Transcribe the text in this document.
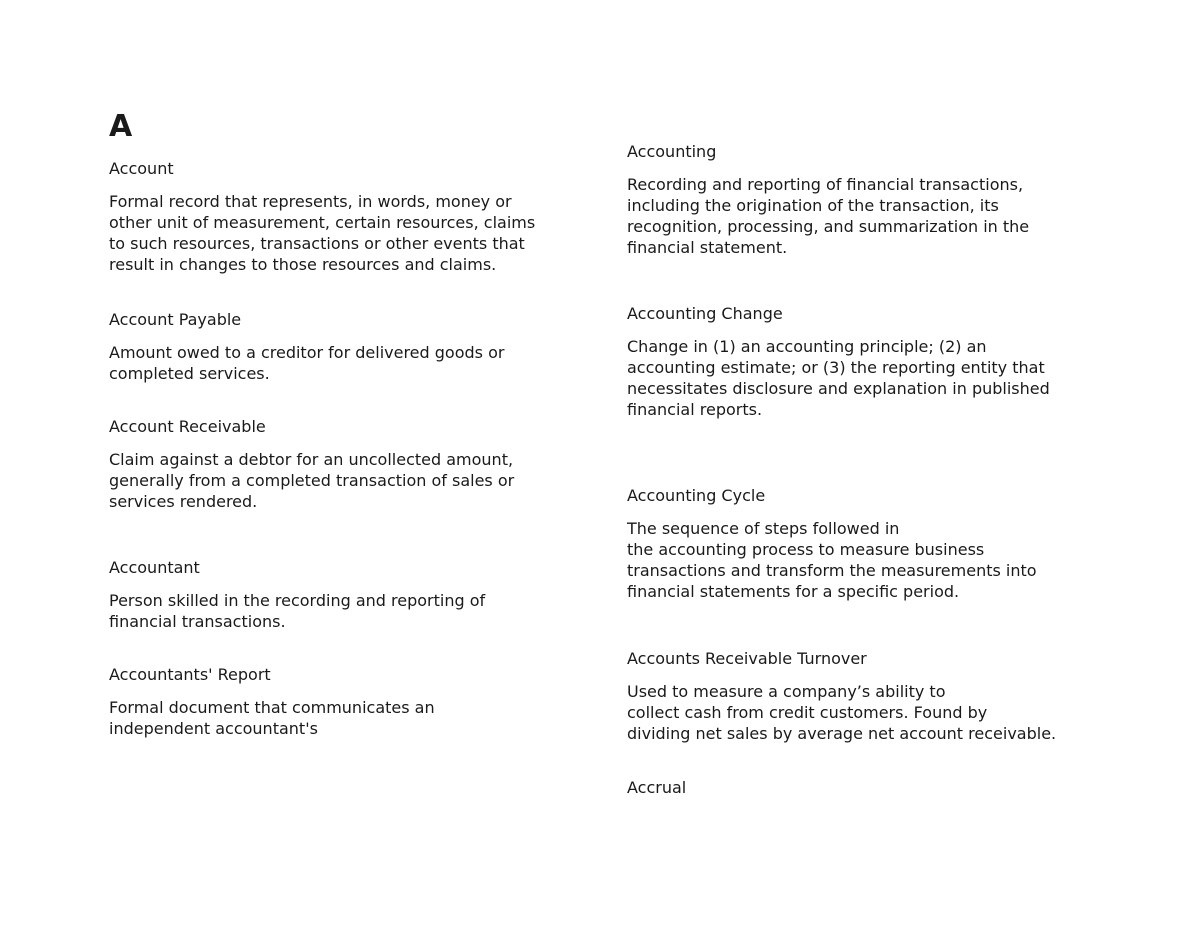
A

Account

Formal record that represents, in words, money or
other unit of measurement, certain resources, claims
to such resources, transactions or other events that
result in changes to those resources and claims.

Account Payable

Amount owed to a creditor for delivered goods or
completed services.

Account Receivable

Claim against a debtor for an uncollected amount,
generally from a completed transaction of sales or
services rendered.

Accountant

Person skilled in the recording and reporting of
financial transactions.

Accountants' Report

Formal document that communicates an
independent accountant's

Accounting

Recording and reporting of financial transactions,
including the origination of the transaction, its
recognition, processing, and summarization in the
financial statement.

Accounting Change

Change in (1) an accounting principle; (2) an
accounting estimate; or (3) the reporting entity that
necessitates disclosure and explanation in published
financial reports.

Accounting Cycle

The sequence of steps followed in
the accounting process to measure business
transactions and transform the measurements into
financial statements for a specific period.

Accounts Receivable Turnover

Used to measure a company’s ability to
collect cash from credit customers. Found by
dividing net sales by average net account receivable.

Accrual
